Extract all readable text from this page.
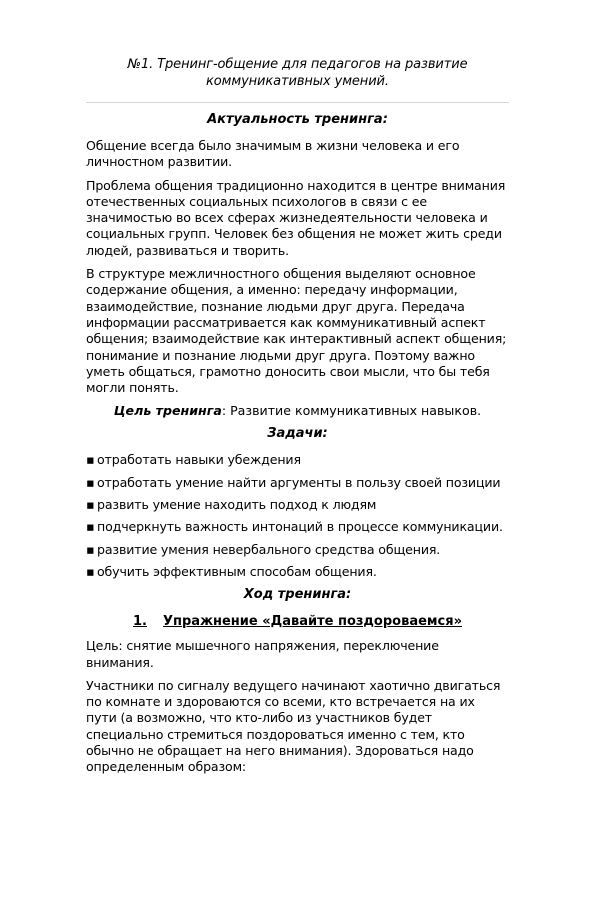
№1. Тренинг-общение для педагогов на развитие коммуникативных умений.
Актуальность тренинга:

Общение всегда было значимым в жизни человека и его личностном развитии.

Проблема общения традиционно находится в центре внимания отечественных социальных психологов в связи с ее значимостью во всех сферах жизнедеятельности человека и социальных групп. Человек без общения не может жить среди людей, развиваться и творить.

В структуре межличностного общения выделяют основное содержание общения, а именно: передачу информации, взаимодействие, познание людьми друг друга. Передача информации рассматривается как коммуникативный аспект общения; взаимодействие как интерактивный аспект общения; понимание и познание людьми друг друга. Поэтому важно уметь общаться, грамотно доносить свои мысли, что бы тебя могли понять.

Цель тренинга: Развитие коммуникативных навыков.
Задачи:
▪ отработать навыки убеждения
▪ отработать умение найти аргументы в пользу своей позиции
▪ развить умение находить подход к людям
▪ подчеркнуть важность интонаций в процессе коммуникации.
▪ развитие умения невербального средства общения.
▪ обучить эффективным способам общения.
Ход тренинга:
1. Упражнение «Давайте поздороваемся»

Цель: снятие мышечного напряжения, переключение внимания.

Участники по сигналу ведущего начинают хаотично двигаться по комнате и здороваются со всеми, кто встречается на их пути (а возможно, что кто-либо из участников будет специально стремиться поздороваться именно с тем, кто обычно не обращает на него внимания). Здороваться надо определенным образом:
